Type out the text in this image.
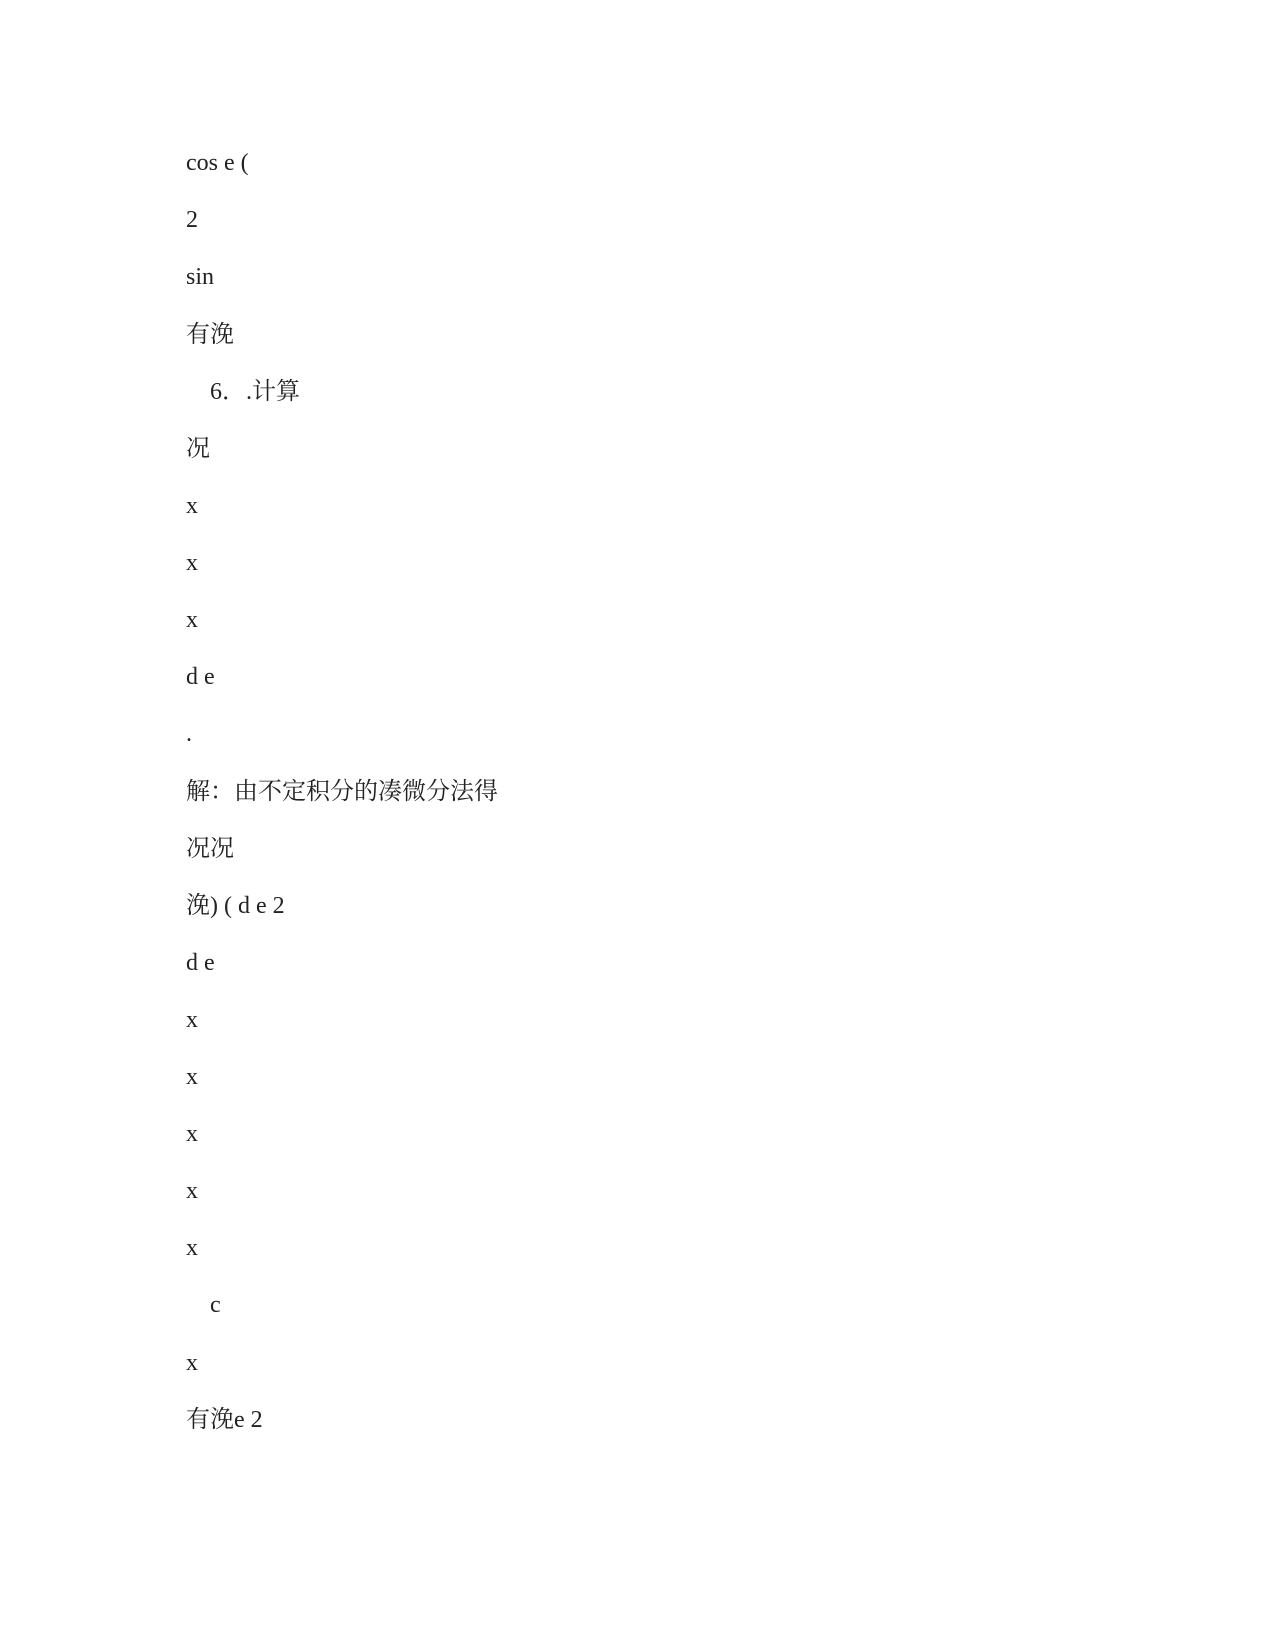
cos e (
2
sin
有浼
6．.计算
况
x
x
x
d e
.
解：由不定积分的凑微分法得
况况
浼) ( d e 2
d e
x
x
x
x
x
c
x
有浼e 2
